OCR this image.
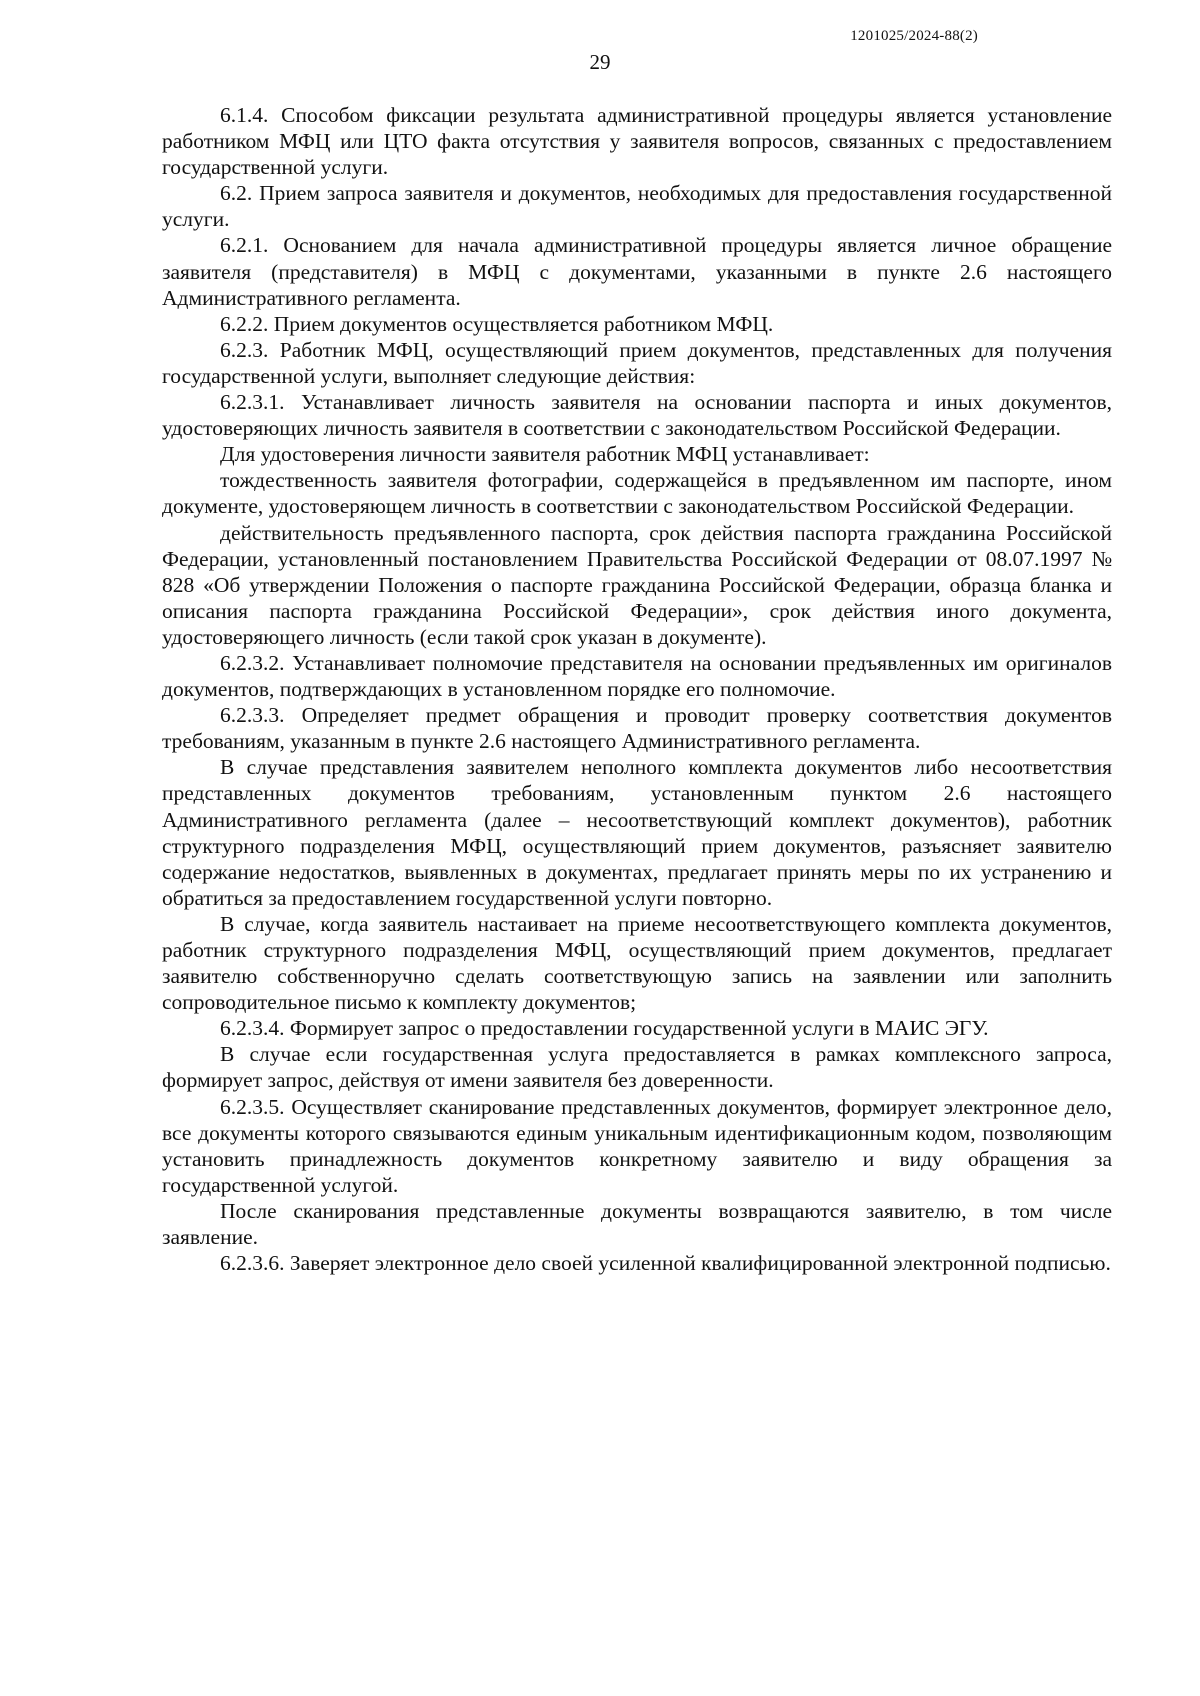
1201025/2024-88(2)
29

6.1.4. Способом фиксации результата административной процедуры является установление работником МФЦ или ЦТО факта отсутствия у заявителя вопросов, связанных с предоставлением государственной услуги.

6.2. Прием запроса заявителя и документов, необходимых для предоставления государственной услуги.

6.2.1. Основанием для начала административной процедуры является личное обращение заявителя (представителя) в МФЦ с документами, указанными в пункте 2.6 настоящего Административного регламента.

6.2.2. Прием документов осуществляется работником МФЦ.

6.2.3. Работник МФЦ, осуществляющий прием документов, представленных для получения государственной услуги, выполняет следующие действия:

6.2.3.1. Устанавливает личность заявителя на основании паспорта и иных документов, удостоверяющих личность заявителя в соответствии с законодательством Российской Федерации.

Для удостоверения личности заявителя работник МФЦ устанавливает:

тождественность заявителя фотографии, содержащейся в предъявленном им паспорте, ином документе, удостоверяющем личность в соответствии с законодательством Российской Федерации.

действительность предъявленного паспорта, срок действия паспорта гражданина Российской Федерации, установленный постановлением Правительства Российской Федерации от 08.07.1997 № 828 «Об утверждении Положения о паспорте гражданина Российской Федерации, образца бланка и описания паспорта гражданина Российской Федерации», срок действия иного документа, удостоверяющего личность (если такой срок указан в документе).

6.2.3.2. Устанавливает полномочие представителя на основании предъявленных им оригиналов документов, подтверждающих в установленном порядке его полномочие.

6.2.3.3. Определяет предмет обращения и проводит проверку соответствия документов требованиям, указанным в пункте 2.6 настоящего Административного регламента.

В случае представления заявителем неполного комплекта документов либо несоответствия представленных документов требованиям, установленным пунктом 2.6 настоящего Административного регламента (далее – несоответствующий комплект документов), работник структурного подразделения МФЦ, осуществляющий прием документов, разъясняет заявителю содержание недостатков, выявленных в документах, предлагает принять меры по их устранению и обратиться за предоставлением государственной услуги повторно.

В случае, когда заявитель настаивает на приеме несоответствующего комплекта документов, работник структурного подразделения МФЦ, осуществляющий прием документов, предлагает заявителю собственноручно сделать соответствующую запись на заявлении или заполнить сопроводительное письмо к комплекту документов;

6.2.3.4. Формирует запрос о предоставлении государственной услуги в МАИС ЭГУ.

В случае если государственная услуга предоставляется в рамках комплексного запроса, формирует запрос, действуя от имени заявителя без доверенности.

6.2.3.5. Осуществляет сканирование представленных документов, формирует электронное дело, все документы которого связываются единым уникальным идентификационным кодом, позволяющим установить принадлежность документов конкретному заявителю и виду обращения за государственной услугой.

После сканирования представленные документы возвращаются заявителю, в том числе заявление.

6.2.3.6. Заверяет электронное дело своей усиленной квалифицированной электронной подписью.
